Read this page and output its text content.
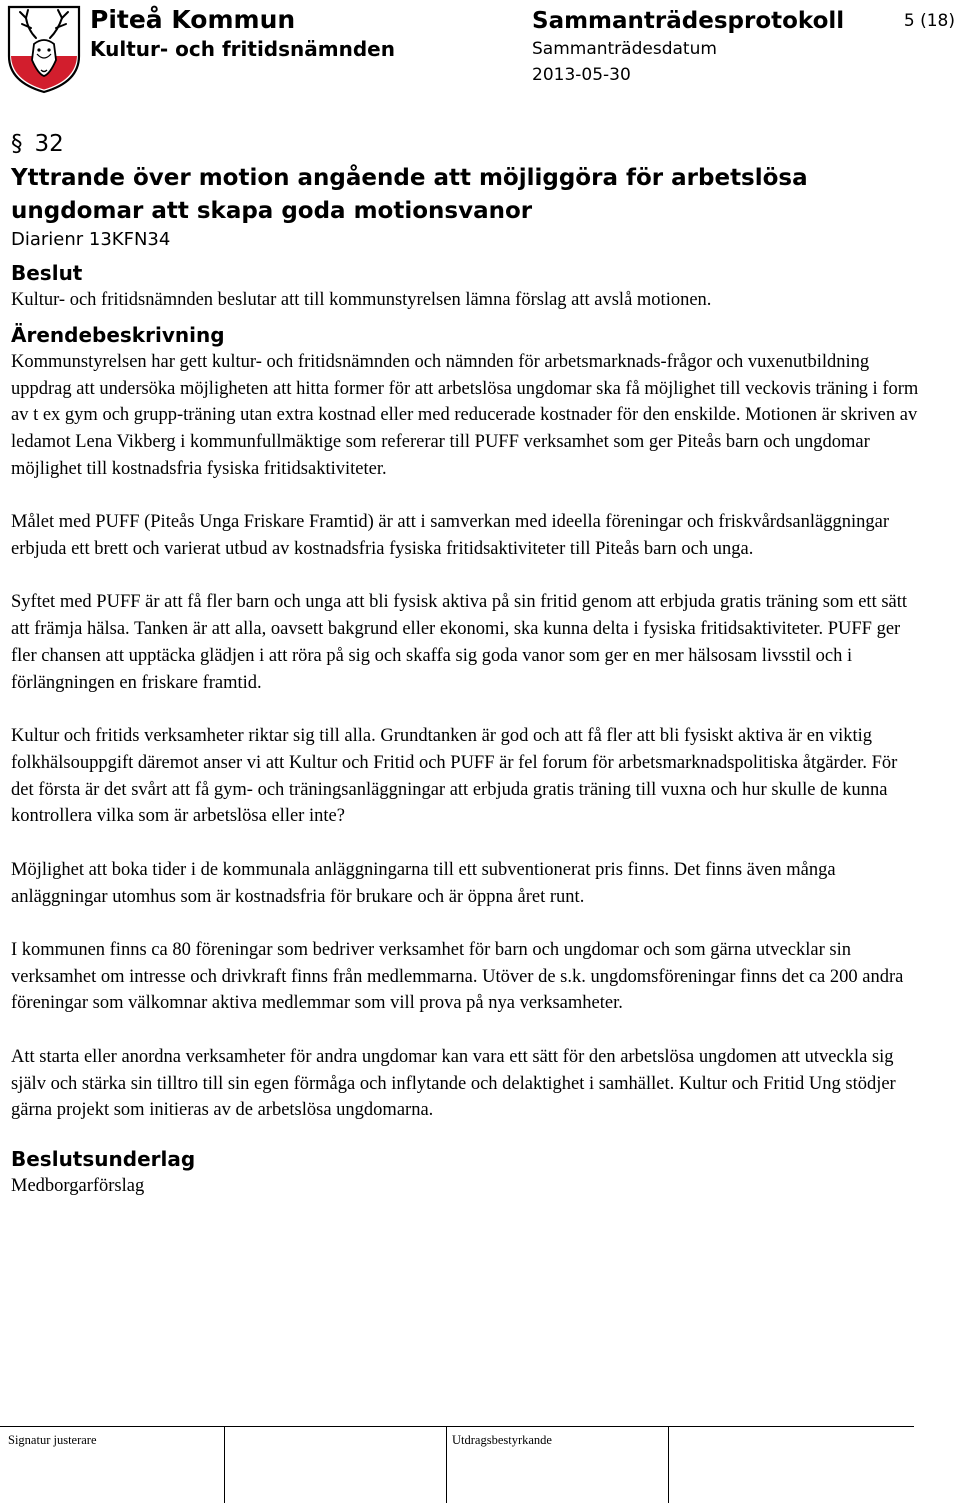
Piteå Kommun
Kultur- och fritidsnämnden
Sammanträdesprotokoll
Sammanträdesdatum
2013-05-30
5 (18)

§ 32

Yttrande över motion angående att möjliggöra för arbetslösa ungdomar att skapa goda motionsvanor

Diarienr 13KFN34

Beslut

Kultur- och fritidsnämnden beslutar att till kommunstyrelsen lämna förslag att avslå motionen.

Ärendebeskrivning

Kommunstyrelsen har gett kultur- och fritidsnämnden och nämnden för arbetsmarknads-frågor och vuxenutbildning uppdrag att undersöka möjligheten att hitta former för att arbetslösa ungdomar ska få möjlighet till veckovis träning i form av t ex gym och grupp-träning utan extra kostnad eller med reducerade kostnader för den enskilde. Motionen är skriven av ledamot Lena Vikberg i kommunfullmäktige som refererar till PUFF verksamhet som ger Piteås barn och ungdomar möjlighet till kostnadsfria fysiska fritidsaktiviteter.

Målet med PUFF (Piteås Unga Friskare Framtid) är att i samverkan med ideella föreningar och friskvårdsanläggningar erbjuda ett brett och varierat utbud av kostnadsfria fysiska fritidsaktiviteter till Piteås barn och unga.

Syftet med PUFF är att få fler barn och unga att bli fysisk aktiva på sin fritid genom att erbjuda gratis träning som ett sätt att främja hälsa. Tanken är att alla, oavsett bakgrund eller ekonomi, ska kunna delta i fysiska fritidsaktiviteter. PUFF ger fler chansen att upptäcka glädjen i att röra på sig och skaffa sig goda vanor som ger en mer hälsosam livsstil och i förlängningen en friskare framtid.

Kultur och fritids verksamheter riktar sig till alla. Grundtanken är god och att få fler att bli fysiskt aktiva är en viktig folkhälsouppgift däremot anser vi att Kultur och Fritid och PUFF är fel forum för arbetsmarknadspolitiska åtgärder. För det första är det svårt att få gym- och träningsanläggningar att erbjuda gratis träning till vuxna och hur skulle de kunna kontrollera vilka som är arbetslösa eller inte?

Möjlighet att boka tider i de kommunala anläggningarna till ett subventionerat pris finns. Det finns även många anläggningar utomhus som är kostnadsfria för brukare och är öppna året runt.

I kommunen finns ca 80 föreningar som bedriver verksamhet för barn och ungdomar och som gärna utvecklar sin verksamhet om intresse och drivkraft finns från medlemmarna. Utöver de s.k. ungdomsföreningar finns det ca 200 andra föreningar som välkomnar aktiva medlemmar som vill prova på nya verksamheter.

Att starta eller anordna verksamheter för andra ungdomar kan vara ett sätt för den arbetslösa ungdomen att utveckla sig själv och stärka sin tilltro till sin egen förmåga och inflytande och delaktighet i samhället. Kultur och Fritid Ung stödjer gärna projekt som initieras av de arbetslösa ungdomarna.

Beslutsunderlag

Medborgarförslag

Signatur justerare	Utdragsbestyrkande
